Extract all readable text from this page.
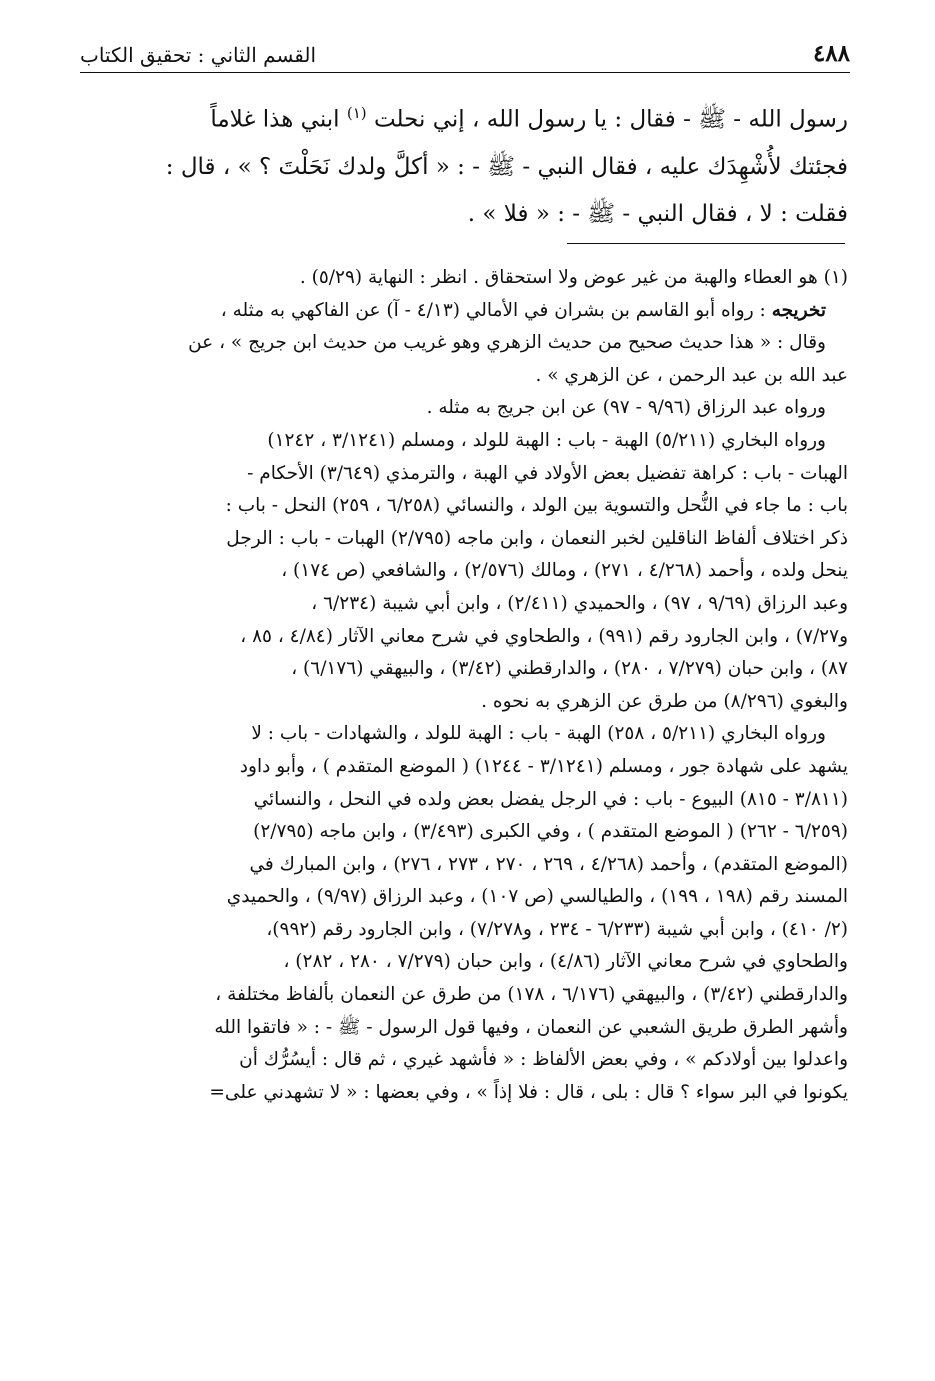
٤٨٨
القسم الثاني : تحقيق الكتاب
رسول الله - ﷺ - فقال : يا رسول الله ، إني نحلت $^{(١)}$ ابني هذا غلاماً
فجئتك لأُشْهِدَك عليه ، فقال النبي - ﷺ - : « أكلَّ ولدك نَحَلْتَ ؟ » ، قال :
فقلت : لا ، فقال النبي - ﷺ - : « فلا » .
(١) هو العطاء والهبة من غير عوض ولا استحقاق . انظر : النهاية (٥/٢٩) .
تخريجه : رواه أبو القاسم بن بشران في الأمالي (٤/١٣ - آ) عن الفاكهي به مثله ،
وقال : « هذا حديث صحيح من حديث الزهري وهو غريب من حديث ابن جريج » ، عن
عبد الله بن عبد الرحمن ، عن الزهري » .
ورواه عبد الرزاق (٩/٩٦ - ٩٧) عن ابن جريج به مثله .
ورواه البخاري (٥/٢١١) الهبة - باب : الهبة للولد ، ومسلم (٣/١٢٤١ ، ١٢٤٢)
الهبات - باب : كراهة تفضيل بعض الأولاد في الهبة ، والترمذي (٣/٦٤٩) الأحكام -
باب : ما جاء في النُّحل والتسوية بين الولد ، والنسائي (٦/٢٥٨ ، ٢٥٩) النحل - باب :
ذكر اختلاف ألفاظ الناقلين لخبر النعمان ، وابن ماجه (٢/٧٩٥) الهبات - باب : الرجل
ينحل ولده ، وأحمد (٤/٢٦٨ ، ٢٧١) ، ومالك (٢/٥٧٦) ، والشافعي (ص ١٧٤) ،
وعبد الرزاق (٩/٦٩ ، ٩٧) ، والحميدي (٢/٤١١) ، وابن أبي شيبة (٦/٢٣٤ ،
و٧/٢٧) ، وابن الجارود رقم (٩٩١) ، والطحاوي في شرح معاني الآثار (٤/٨٤ ، ٨٥ ،
٨٧) ، وابن حبان (٧/٢٧٩ ، ٢٨٠) ، والدارقطني (٣/٤٢) ، والبيهقي (٦/١٧٦) ،
والبغوي (٨/٢٩٦) من طرق عن الزهري به نحوه .
ورواه البخاري (٥/٢١١ ، ٢٥٨) الهبة - باب : الهبة للولد ، والشهادات - باب : لا
يشهد على شهادة جور ، ومسلم (٣/١٢٤١ - ١٢٤٤) ( الموضع المتقدم ) ، وأبو داود
(٣/٨١١ - ٨١٥) البيوع - باب : في الرجل يفضل بعض ولده في النحل ، والنسائي
(٦/٢٥٩ - ٢٦٢) ( الموضع المتقدم ) ، وفي الكبرى (٣/٤٩٣) ، وابن ماجه (٢/٧٩٥)
(الموضع المتقدم) ، وأحمد (٤/٢٦٨ ، ٢٦٩ ، ٢٧٠ ، ٢٧٣ ، ٢٧٦) ، وابن المبارك في
المسند رقم (١٩٨ ، ١٩٩) ، والطيالسي (ص ١٠٧) ، وعبد الرزاق (٩/٩٧) ، والحميدي
(٢/ ٤١٠) ، وابن أبي شيبة (٦/٢٣٣ - ٢٣٤ ، و٧/٢٧٨) ، وابن الجارود رقم (٩٩٢)،
والطحاوي في شرح معاني الآثار (٤/٨٦) ، وابن حبان (٧/٢٧٩ ، ٢٨٠ ، ٢٨٢) ،
والدارقطني (٣/٤٢) ، والبيهقي (٦/١٧٦ ، ١٧٨) من طرق عن النعمان بألفاظ مختلفة ،
وأشهر الطرق طريق الشعبي عن النعمان ، وفيها قول الرسول - ﷺ - : « فاتقوا الله
واعدلوا بين أولادكم » ، وفي بعض الألفاظ : « فأشهد غيري ، ثم قال : أيسُرُّك أن
يكونوا في البر سواء ؟ قال : بلى ، قال : فلا إذاً » ، وفي بعضها : « لا تشهدني على=
